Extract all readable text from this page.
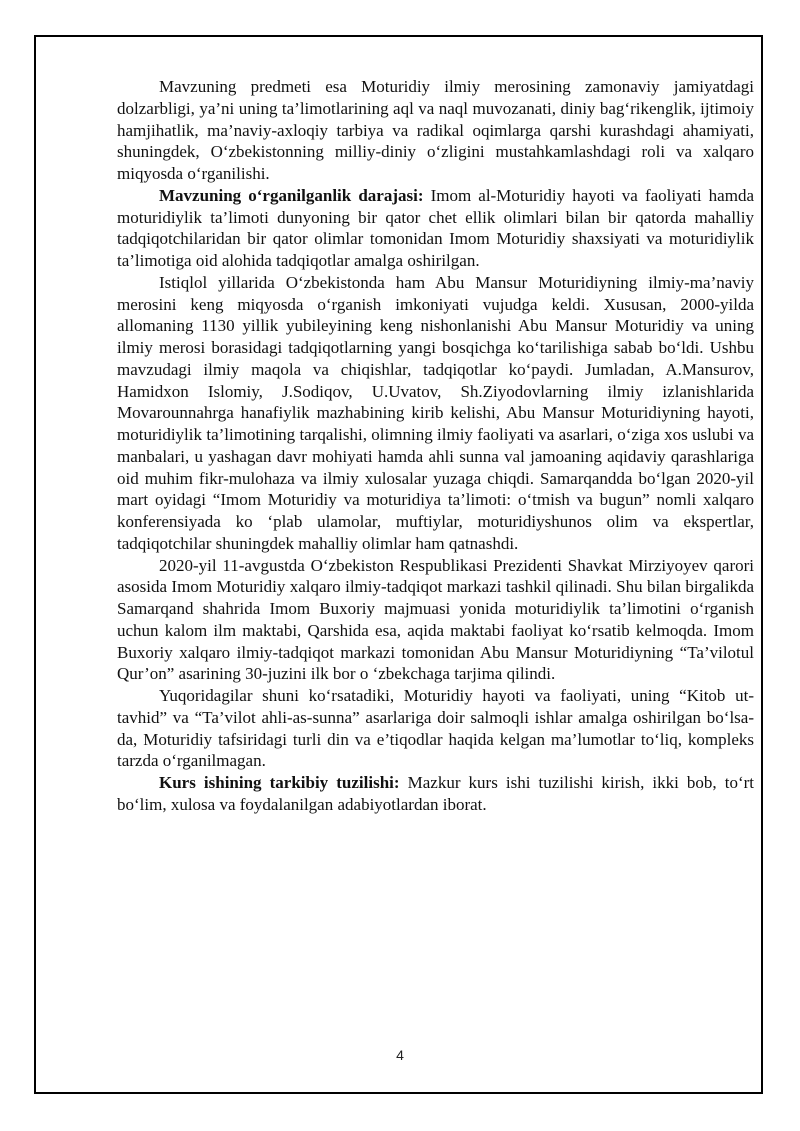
Mavzuning predmeti esa Moturidiy ilmiy merosining zamonaviy jamiyatdagi dolzarbligi, ya’ni uning ta’limotlarining aql va naql muvozanati, diniy bag‘rikenglik, ijtimoiy hamjihatlik, ma’naviy-axloqiy tarbiya va radikal oqimlarga qarshi kurashdagi ahamiyati, shuningdek, O‘zbekistonning milliy-diniy o‘zligini mustahkamlashdagi roli va xalqaro miqyosda o‘rganilishi.

Mavzuning o‘rganilganlik darajasi: Imom al-Moturidiy hayoti va faoliyati hamda moturidiylik ta’limoti dunyoning bir qator chet ellik olimlari bilan bir qatorda mahalliy tadqiqotchilaridan bir qator olimlar tomonidan Imom Moturidiy shaxsiyati va moturidiylik ta’limotiga oid alohida tadqiqotlar amalga oshirilgan.

Istiqlol yillarida O‘zbekistonda ham Abu Mansur Moturidiyning ilmiy-ma’naviy merosini keng miqyosda o‘rganish imkoniyati vujudga keldi. Xususan, 2000-yilda allomaning 1130 yillik yubileyining keng nishonlanishi Abu Mansur Moturidiy va uning ilmiy merosi borasidagi tadqiqotlarning yangi bosqichga ko‘tarilishiga sabab bo‘ldi. Ushbu mavzudagi ilmiy maqola va chiqishlar, tadqiqotlar ko‘paydi. Jumladan, A.Mansurov, Hamidxon Islomiy, J.Sodiqov, U.Uvatov, Sh.Ziyodovlarning ilmiy izlanishlarida Movarounnahrga hanafiylik mazhabining kirib kelishi, Abu Mansur Moturidiyning hayoti, moturidiylik ta’limotining tarqalishi, olimning ilmiy faoliyati va asarlari, o‘ziga xos uslubi va manbalari, u yashagan davr mohiyati hamda ahli sunna val jamoaning aqidaviy qarashlariga oid muhim fikr-mulohaza va ilmiy xulosalar yuzaga chiqdi. Samarqandda bo‘lgan 2020-yil mart oyidagi “Imom Moturidiy va moturidiya ta’limoti: o‘tmish va bugun” nomli xalqaro konferensiyada ko ‘plab ulamolar, muftiylar, moturidiyshunos olim va ekspertlar, tadqiqotchilar shuningdek mahalliy olimlar ham qatnashdi.

2020-yil 11-avgustda O‘zbekiston Respublikasi Prezidenti Shavkat Mirziyoyev qarori asosida Imom Moturidiy xalqaro ilmiy-tadqiqot markazi tashkil qilinadi. Shu bilan birgalikda Samarqand shahrida Imom Buxoriy majmuasi yonida moturidiylik ta’limotini o‘rganish uchun kalom ilm maktabi, Qarshida esa, aqida maktabi faoliyat ko‘rsatib kelmoqda. Imom Buxoriy xalqaro ilmiy-tadqiqot markazi tomonidan Abu Mansur Moturidiyning “Ta’vilotul Qur’on” asarining 30-juzini ilk bor o ‘zbekchaga tarjima qilindi.

Yuqoridagilar shuni ko‘rsatadiki, Moturidiy hayoti va faoliyati, uning “Kitob ut-tavhid” va “Ta’vilot ahli-as-sunna” asarlariga doir salmoqli ishlar amalga oshirilgan bo‘lsa-da, Moturidiy tafsiridagi turli din va e’tiqodlar haqida kelgan ma’lumotlar to‘liq, kompleks tarzda o‘rganilmagan.

Kurs ishining tarkibiy tuzilishi: Mazkur kurs ishi tuzilishi kirish, ikki bob, to‘rt bo‘lim, xulosa va foydalanilgan adabiyotlardan iborat.

4
